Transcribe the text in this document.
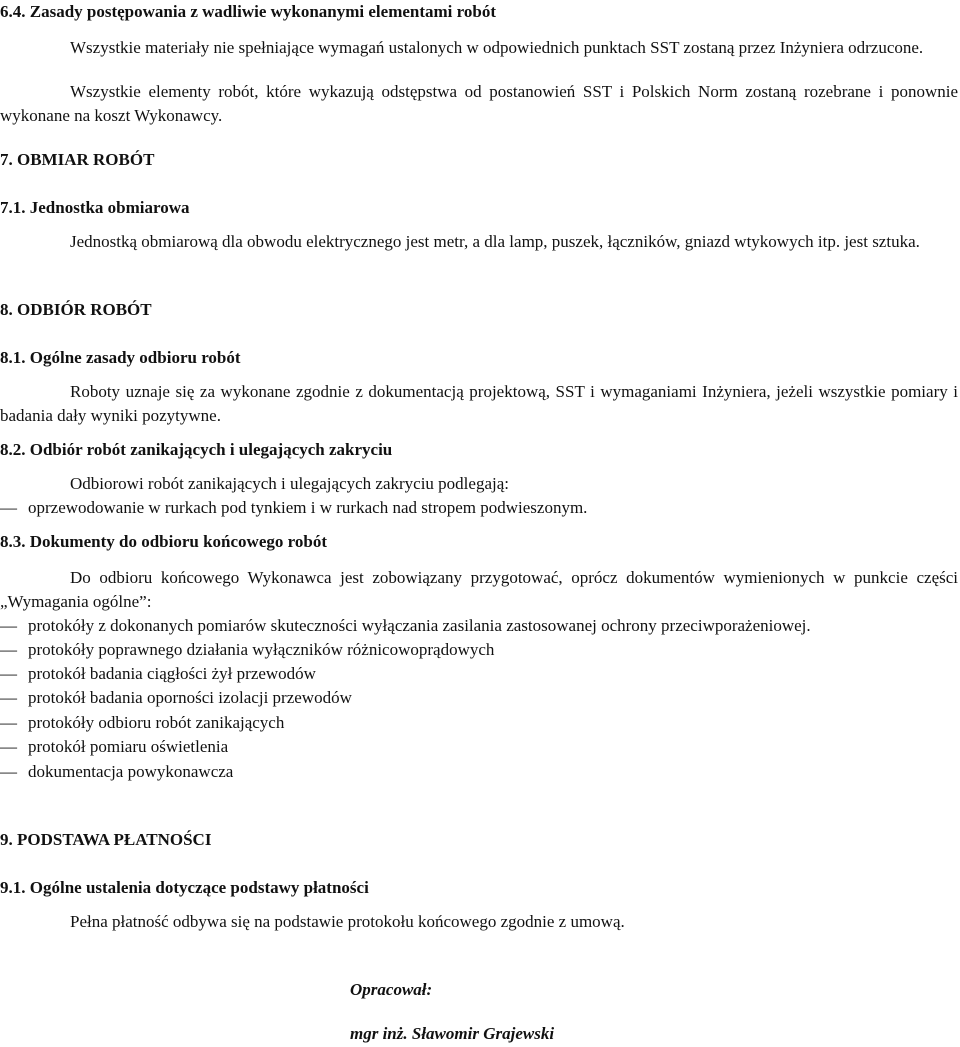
6.4. Zasady postępowania z wadliwie wykonanymi elementami robót
Wszystkie materiały nie spełniające wymagań ustalonych w odpowiednich punktach SST zostaną przez Inżyniera odrzucone.
Wszystkie elementy robót, które wykazują odstępstwa od postanowień SST i Polskich Norm zostaną rozebrane i ponownie wykonane na koszt Wykonawcy.
7. OBMIAR ROBÓT
7.1. Jednostka obmiarowa
Jednostką obmiarową dla obwodu elektrycznego jest metr, a dla lamp, puszek, łączników, gniazd wtykowych itp. jest sztuka.
8. ODBIÓR ROBÓT
8.1. Ogólne zasady odbioru robót
Roboty uznaje się za wykonane zgodnie z dokumentacją projektową, SST i wymaganiami Inżyniera, jeżeli wszystkie pomiary i badania dały wyniki pozytywne.
8.2. Odbiór robót zanikających i ulegających zakryciu
Odbiorowi robót zanikających i ulegających zakryciu podlegają:
— oprzewodowanie w rurkach pod tynkiem i w rurkach nad stropem podwieszonym.
8.3. Dokumenty do odbioru końcowego robót
Do odbioru końcowego Wykonawca jest zobowiązany przygotować, oprócz dokumentów wymienionych w punkcie części „Wymagania ogólne”:
— protokóły z dokonanych pomiarów skuteczności wyłączania zasilania zastosowanej ochrony przeciwporażeniowej.
— protokóły poprawnego działania wyłączników różnicowoprądowych
— protokół badania ciągłości żył przewodów
— protokół badania oporności izolacji przewodów
— protokóły odbioru robót zanikających
— protokół pomiaru oświetlenia
— dokumentacja powykonawcza
9. PODSTAWA PŁATNOŚCI
9.1. Ogólne ustalenia dotyczące podstawy płatności
Pełna płatność odbywa się na podstawie protokołu końcowego zgodnie z umową.
Opracował:
mgr inż. Sławomir Grajewski
